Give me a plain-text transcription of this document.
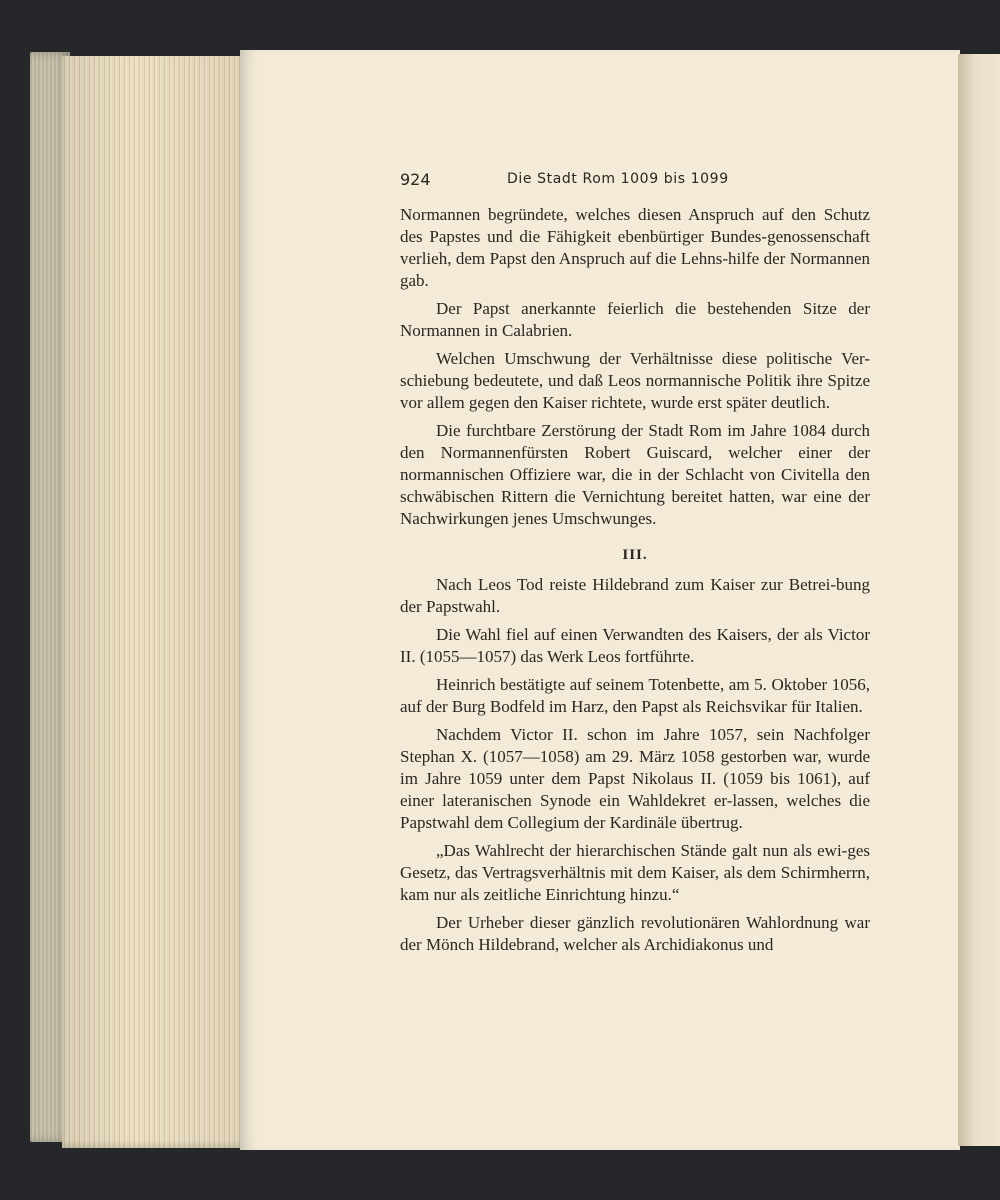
924	Die Stadt Rom 1009 bis 1099

Normannen begründete, welches diesen Anspruch auf den Schutz des Papstes und die Fähigkeit ebenbürtiger Bundes-genossenschaft verlieh, dem Papst den Anspruch auf die Lehns-hilfe der Normannen gab.

Der Papst anerkannte feierlich die bestehenden Sitze der Normannen in Calabrien.

Welchen Umschwung der Verhältnisse diese politische Ver-schiebung bedeutete, und daß Leos normannische Politik ihre Spitze vor allem gegen den Kaiser richtete, wurde erst später deutlich.

Die furchtbare Zerstörung der Stadt Rom im Jahre 1084 durch den Normannenfürsten Robert Guiscard, welcher einer der normannischen Offiziere war, die in der Schlacht von Civitella den schwäbischen Rittern die Vernichtung bereitet hatten, war eine der Nachwirkungen jenes Umschwunges.

III.

Nach Leos Tod reiste Hildebrand zum Kaiser zur Betrei-bung der Papstwahl.

Die Wahl fiel auf einen Verwandten des Kaisers, der als Victor II. (1055—1057) das Werk Leos fortführte.

Heinrich bestätigte auf seinem Totenbette, am 5. Oktober 1056, auf der Burg Bodfeld im Harz, den Papst als Reichsvikar für Italien.

Nachdem Victor II. schon im Jahre 1057, sein Nachfolger Stephan X. (1057—1058) am 29. März 1058 gestorben war, wurde im Jahre 1059 unter dem Papst Nikolaus II. (1059 bis 1061), auf einer lateranischen Synode ein Wahldekret er-lassen, welches die Papstwahl dem Collegium der Kardinäle übertrug.

„Das Wahlrecht der hierarchischen Stände galt nun als ewi-ges Gesetz, das Vertragsverhältnis mit dem Kaiser, als dem Schirmherrn, kam nur als zeitliche Einrichtung hinzu.“

Der Urheber dieser gänzlich revolutionären Wahlordnung war der Mönch Hildebrand, welcher als Archidiakonus und
